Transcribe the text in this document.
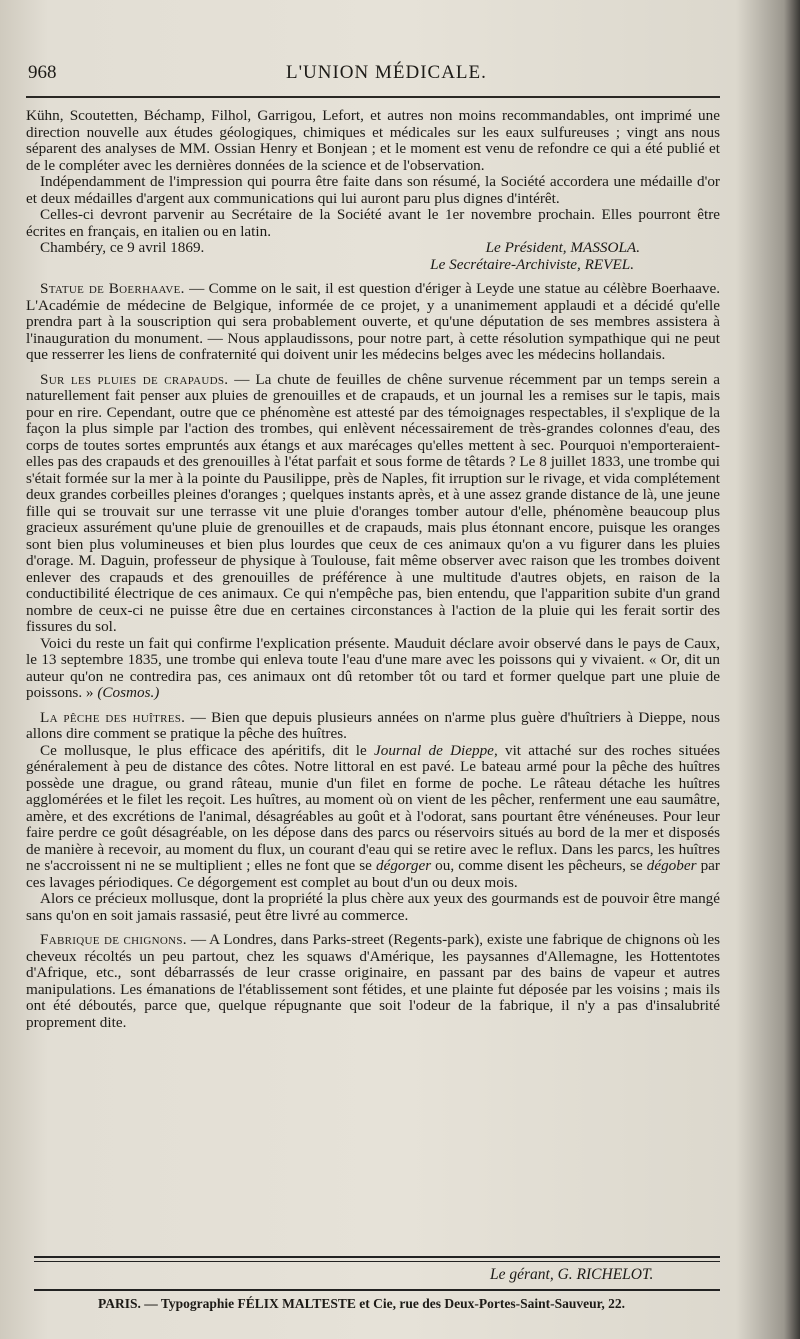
968	L'UNION MÉDICALE.

Kühn, Scoutetten, Béchamp, Filhol, Garrigou, Lefort, et autres non moins recommandables, ont imprimé une direction nouvelle aux études géologiques, chimiques et médicales sur les eaux sulfureuses ; vingt ans nous séparent des analyses de MM. Ossian Henry et Bonjean ; et le moment est venu de refondre ce qui a été publié et de le compléter avec les dernières données de la science et de l'observation.

Indépendamment de l'impression qui pourra être faite dans son résumé, la Société accordera une médaille d'or et deux médailles d'argent aux communications qui lui auront paru plus dignes d'intérêt.

Celles-ci devront parvenir au Secrétaire de la Société avant le 1er novembre prochain. Elles pourront être écrites en français, en italien ou en latin.

Chambéry, ce 9 avril 1869.	Le Président, MASSOLA.
Le Secrétaire-Archiviste, REVEL.

Statue de Boerhaave. — Comme on le sait, il est question d'ériger à Leyde une statue au célèbre Boerhaave. L'Académie de médecine de Belgique, informée de ce projet, y a unanimement applaudi et a décidé qu'elle prendra part à la souscription qui sera probablement ouverte, et qu'une députation de ses membres assistera à l'inauguration du monument. — Nous applaudissons, pour notre part, à cette résolution sympathique qui ne peut que resserrer les liens de confraternité qui doivent unir les médecins belges avec les médecins hollandais.

Sur les pluies de crapauds. — La chute de feuilles de chêne survenue récemment par un temps serein a naturellement fait penser aux pluies de grenouilles et de crapauds, et un journal les a remises sur le tapis, mais pour en rire. Cependant, outre que ce phénomène est attesté par des témoignages respectables, il s'explique de la façon la plus simple par l'action des trombes, qui enlèvent nécessairement de très-grandes colonnes d'eau, des corps de toutes sortes empruntés aux étangs et aux marécages qu'elles mettent à sec. Pourquoi n'emporteraient-elles pas des crapauds et des grenouilles à l'état parfait et sous forme de têtards ? Le 8 juillet 1833, une trombe qui s'était formée sur la mer à la pointe du Pausilippe, près de Naples, fit irruption sur le rivage, et vida complétement deux grandes corbeilles pleines d'oranges ; quelques instants après, et à une assez grande distance de là, une jeune fille qui se trouvait sur une terrasse vit une pluie d'oranges tomber autour d'elle, phénomène beaucoup plus gracieux assurément qu'une pluie de grenouilles et de crapauds, mais plus étonnant encore, puisque les oranges sont bien plus volumineuses et bien plus lourdes que ceux de ces animaux qu'on a vu figurer dans les pluies d'orage. M. Daguin, professeur de physique à Toulouse, fait même observer avec raison que les trombes doivent enlever des crapauds et des grenouilles de préférence à une multitude d'autres objets, en raison de la conductibilité électrique de ces animaux. Ce qui n'empêche pas, bien entendu, que l'apparition subite d'un grand nombre de ceux-ci ne puisse être due en certaines circonstances à l'action de la pluie qui les ferait sortir des fissures du sol.

Voici du reste un fait qui confirme l'explication présente. Mauduit déclare avoir observé dans le pays de Caux, le 13 septembre 1835, une trombe qui enleva toute l'eau d'une mare avec les poissons qui y vivaient. « Or, dit un auteur qu'on ne contredira pas, ces animaux ont dû retomber tôt ou tard et former quelque part une pluie de poissons. » (Cosmos.)

La pêche des huîtres. — Bien que depuis plusieurs années on n'arme plus guère d'huîtriers à Dieppe, nous allons dire comment se pratique la pêche des huîtres.

Ce mollusque, le plus efficace des apéritifs, dit le Journal de Dieppe, vit attaché sur des roches situées généralement à peu de distance des côtes. Notre littoral en est pavé. Le bateau armé pour la pêche des huîtres possède une drague, ou grand râteau, munie d'un filet en forme de poche. Le râteau détache les huîtres agglomérées et le filet les reçoit. Les huîtres, au moment où on vient de les pêcher, renferment une eau saumâtre, amère, et des excrétions de l'animal, désagréables au goût et à l'odorat, sans pourtant être vénéneuses. Pour leur faire perdre ce goût désagréable, on les dépose dans des parcs ou réservoirs situés au bord de la mer et disposés de manière à recevoir, au moment du flux, un courant d'eau qui se retire avec le reflux. Dans les parcs, les huîtres ne s'accroissent ni ne se multiplient ; elles ne font que se dégorger ou, comme disent les pêcheurs, se dégober par ces lavages périodiques. Ce dégorgement est complet au bout d'un ou deux mois.

Alors ce précieux mollusque, dont la propriété la plus chère aux yeux des gourmands est de pouvoir être mangé sans qu'on en soit jamais rassasié, peut être livré au commerce.

Fabrique de chignons. — A Londres, dans Parks-street (Regents-park), existe une fabrique de chignons où les cheveux récoltés un peu partout, chez les squaws d'Amérique, les paysannes d'Allemagne, les Hottentotes d'Afrique, etc., sont débarrassés de leur crasse originaire, en passant par des bains de vapeur et autres manipulations. Les émanations de l'établissement sont fétides, et une plainte fut déposée par les voisins ; mais ils ont été déboutés, parce que, quelque répugnante que soit l'odeur de la fabrique, il n'y a pas d'insalubrité proprement dite.

Le gérant, G. RICHELOT.
PARIS. — Typographie FÉLIX MALTESTE et Cie, rue des Deux-Portes-Saint-Sauveur, 22.
